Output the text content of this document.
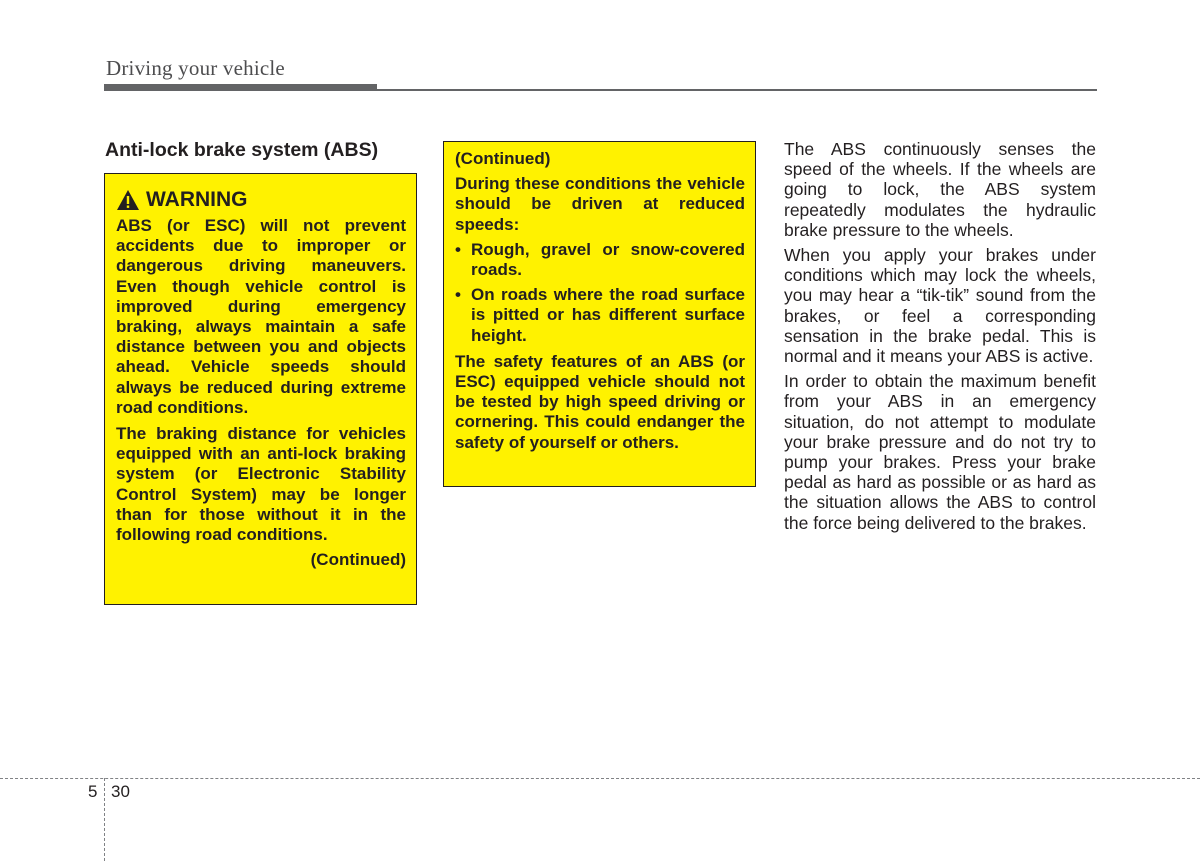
Driving your vehicle
Anti-lock brake system (ABS)
WARNING

ABS (or ESC) will not prevent accidents due to improper or dangerous driving maneuvers. Even though vehicle control is improved during emergency braking, always maintain a safe distance between you and objects ahead. Vehicle speeds should always be reduced during extreme road conditions.

The braking distance for vehicles equipped with an anti-lock braking system (or Electronic Stability Control System) may be longer than for those without it in the following road conditions.

(Continued)

(Continued)

During these conditions the vehicle should be driven at reduced speeds:

• Rough, gravel or snow-covered roads.
• On roads where the road surface is pitted or has different surface height.

The safety features of an ABS (or ESC) equipped vehicle should not be tested by high speed driving or cornering. This could endanger the safety of yourself or others.

The ABS continuously senses the speed of the wheels. If the wheels are going to lock, the ABS system repeatedly modulates the hydraulic brake pressure to the wheels.

When you apply your brakes under conditions which may lock the wheels, you may hear a “tik-tik” sound from the brakes, or feel a corresponding sensation in the brake pedal. This is normal and it means your ABS is active.

In order to obtain the maximum benefit from your ABS in an emergency situation, do not attempt to modulate your brake pressure and do not try to pump your brakes. Press your brake pedal as hard as possible or as hard as the situation allows the ABS to control the force being delivered to the brakes.

5 30
